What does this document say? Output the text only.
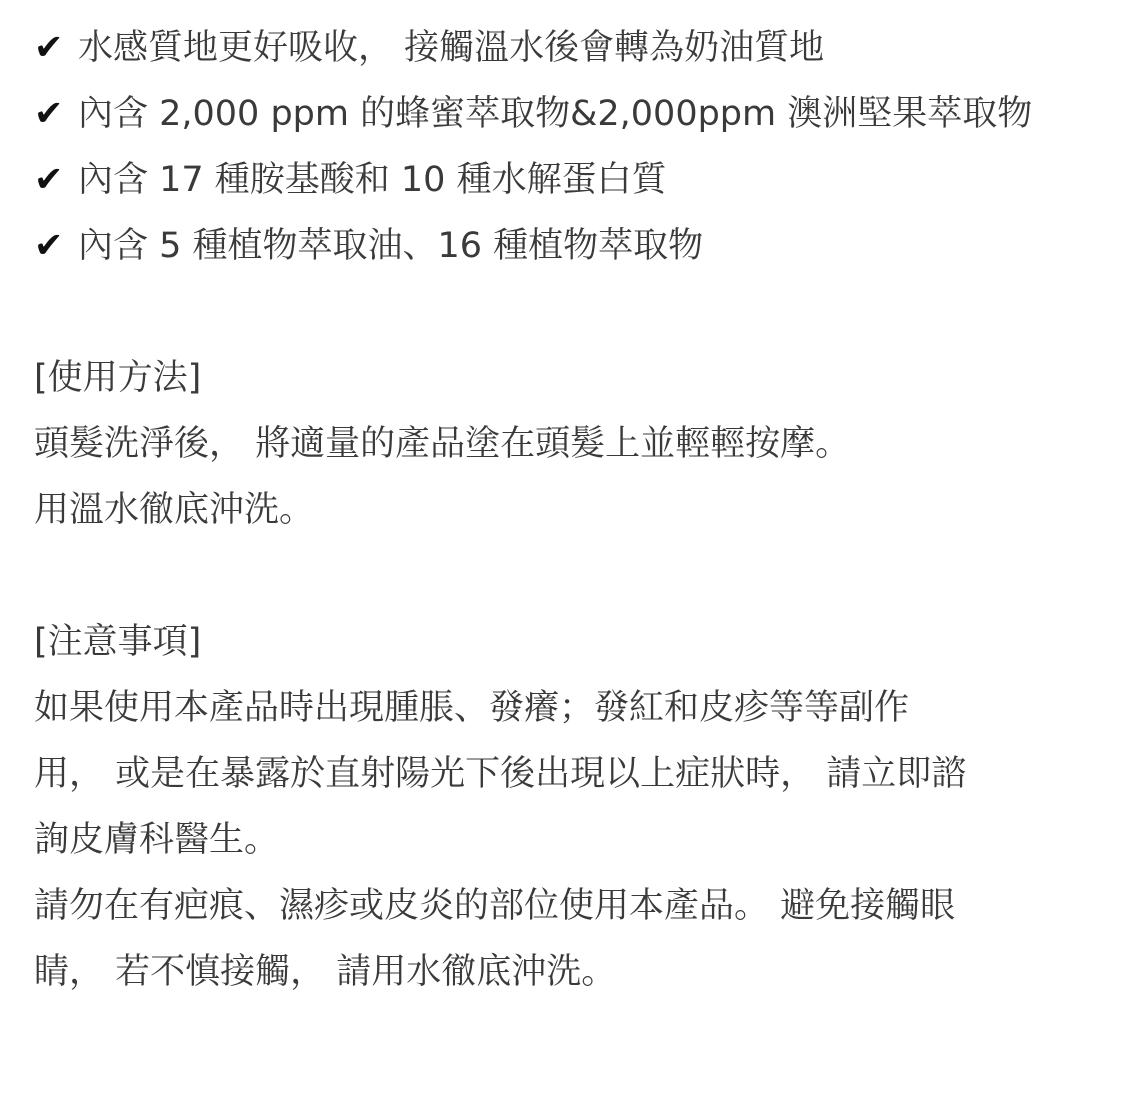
✔ 水感質地更好吸收， 接觸溫水後會轉為奶油質地
✔ 內含 2,000 ppm 的蜂蜜萃取物&2,000ppm 澳洲堅果萃取物
✔ 內含 17 種胺基酸和 10 種水解蛋白質
✔ 內含 5 種植物萃取油、16 種植物萃取物
[使用方法]
頭髮洗淨後， 將適量的產品塗在頭髮上並輕輕按摩。
用溫水徹底沖洗。
[注意事項]
如果使用本產品時出現腫脹、發癢；發紅和皮疹等等副作
用， 或是在暴露於直射陽光下後出現以上症狀時， 請立即諮
詢皮膚科醫生。
請勿在有疤痕、濕疹或皮炎的部位使用本產品。 避免接觸眼
睛， 若不慎接觸， 請用水徹底沖洗。
